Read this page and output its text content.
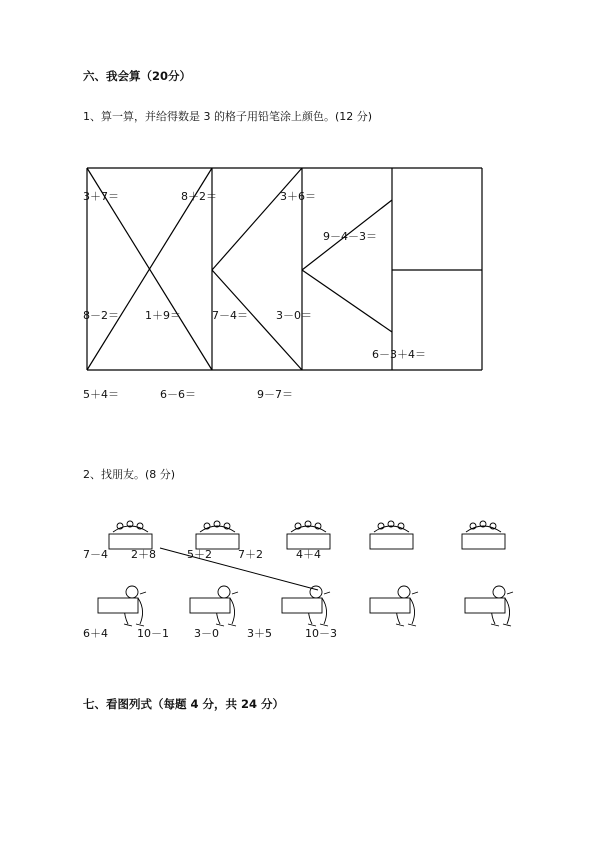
六、我会算（20分）
1、算一算，并给得数是 3 的格子用铅笔涂上颜色。(12 分)
3＋7＝	8＋2＝	3＋6＝
9－4－3＝
8－2＝ 1＋9＝	7－4＝	3－0＝
6－3＋4＝
5＋4＝	6－6＝	9－7＝
2、找朋友。(8 分)
7－4 2＋8	5＋2 7＋2	4＋4
6＋4	10－1 3－0	3＋5	10－3
七、看图列式（每题 4 分，共 24 分）
